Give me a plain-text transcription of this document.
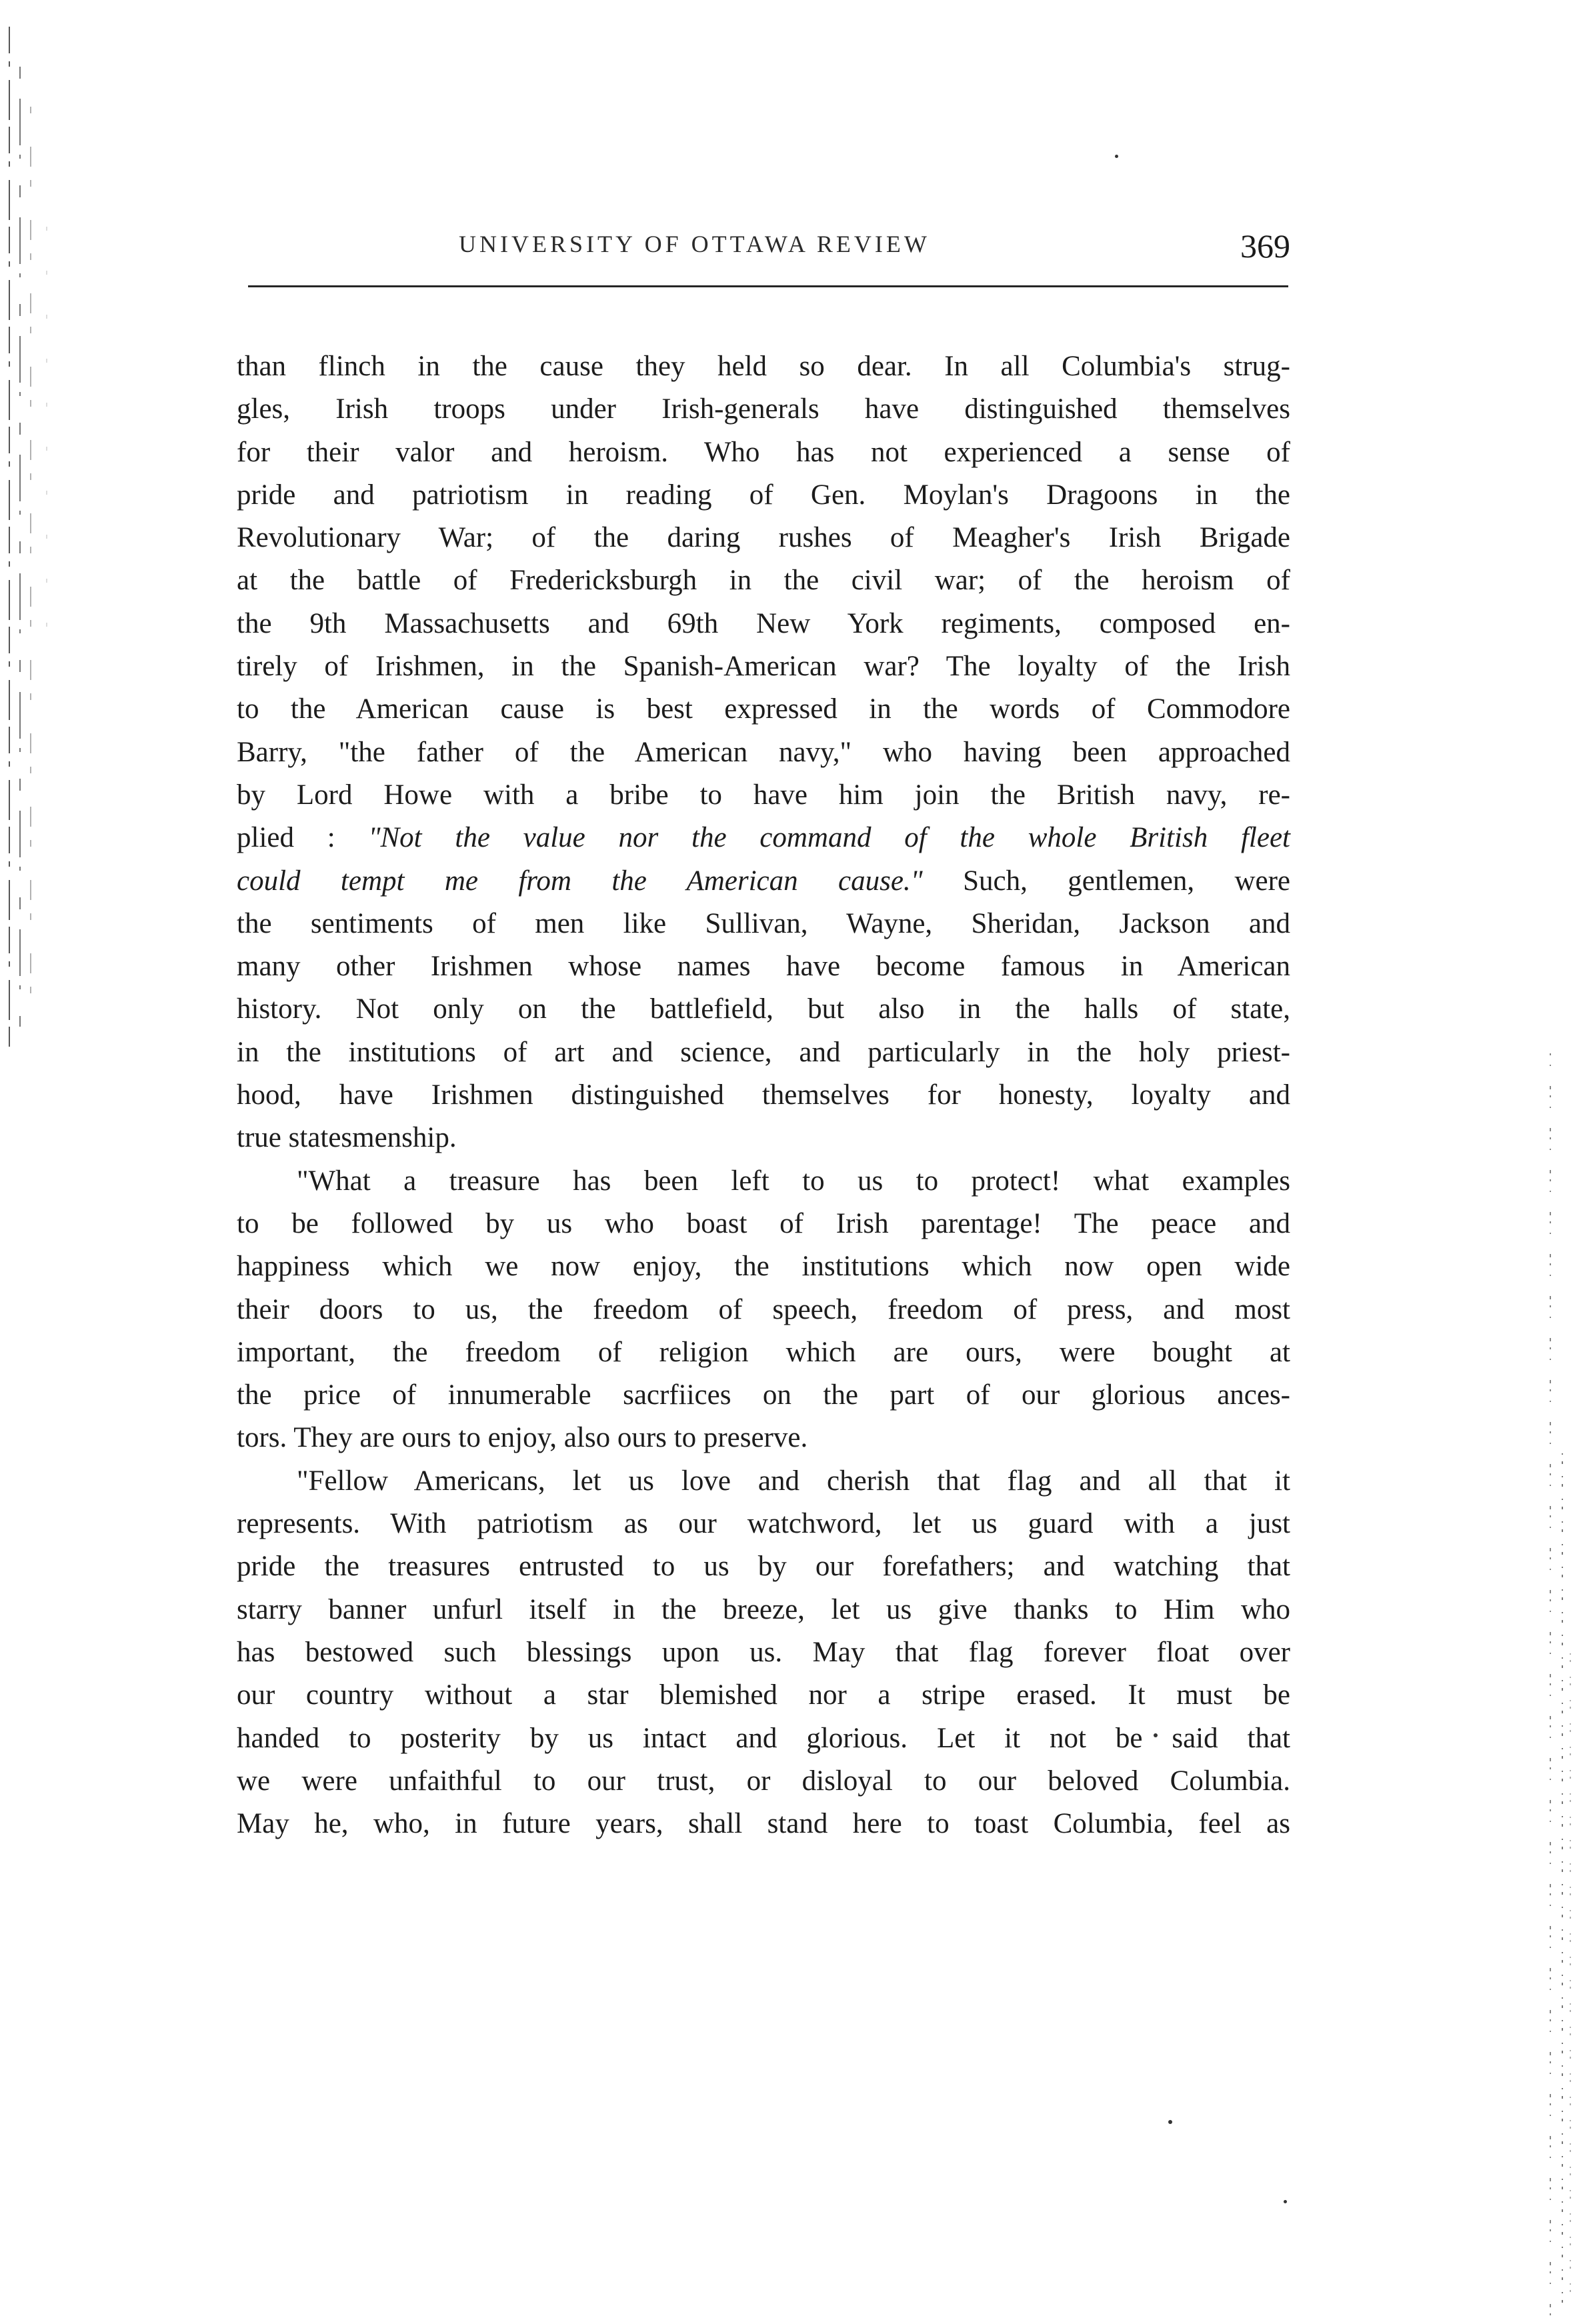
UNIVERSITY OF OTTAWA REVIEW	369
than flinch in the cause they held so dear. In all Columbia's strug-
gles, Irish troops under Irish-generals have distinguished themselves
for their valor and heroism. Who has not experienced a sense of
pride and patriotism in reading of Gen. Moylan's Dragoons in the
Revolutionary War; of the daring rushes of Meagher's Irish Brigade
at the battle of Fredericksburgh in the civil war; of the heroism of
the 9th Massachusetts and 69th New York regiments, composed en-
tirely of Irishmen, in the Spanish-American war? The loyalty of the Irish
to the American cause is best expressed in the words of Commodore
Barry, "the father of the American navy," who having been approached
by Lord Howe with a bribe to have him join the British navy, re-
plied : "Not the value nor the command of the whole British fleet
could tempt me from the American cause." Such, gentlemen, were
the sentiments of men like Sullivan, Wayne, Sheridan, Jackson and
many other Irishmen whose names have become famous in American
history. Not only on the battlefield, but also in the halls of state,
in the institutions of art and science, and particularly in the holy priest-
hood, have Irishmen distinguished themselves for honesty, loyalty and
true statesmenship.
"What a treasure has been left to us to protect! what examples
to be followed by us who boast of Irish parentage! The peace and
happiness which we now enjoy, the institutions which now open wide
their doors to us, the freedom of speech, freedom of press, and most
important, the freedom of religion which are ours, were bought at
the price of innumerable sacrfiices on the part of our glorious ances-
tors. They are ours to enjoy, also ours to preserve.
"Fellow Americans, let us love and cherish that flag and all that it
represents. With patriotism as our watchword, let us guard with a just
pride the treasures entrusted to us by our forefathers; and watching that
starry banner unfurl itself in the breeze, let us give thanks to Him who
has bestowed such blessings upon us. May that flag forever float over
our country without a star blemished nor a stripe erased. It must be
handed to posterity by us intact and glorious. Let it not be said that
we were unfaithful to our trust, or disloyal to our beloved Columbia.
May he, who, in future years, shall stand here to toast Columbia, feel as
